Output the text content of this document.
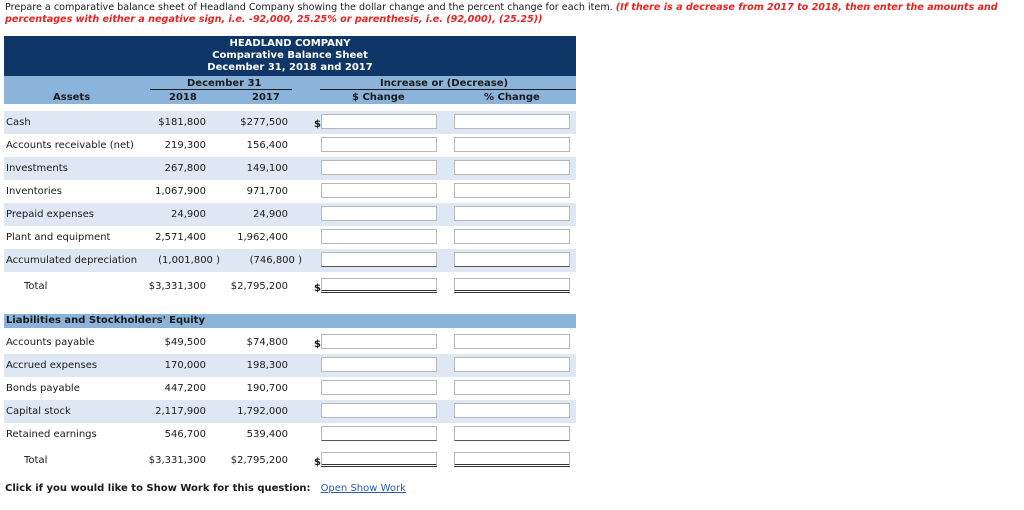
Prepare a comparative balance sheet of Headland Company showing the dollar change and the percent change for each item. (If there is a decrease from 2017 to 2018, then enter the amounts and percentages with either a negative sign, i.e. -92,000, 25.25% or parenthesis, i.e. (92,000), (25.25))
HEADLAND COMPANY
Comparative Balance Sheet
December 31, 2018 and 2017
December 31	Increase or (Decrease)
Assets	2018	2017	$ Change	% Change
Cash	$181,800	$277,500	$
Accounts receivable (net)	219,300	156,400
Investments	267,800	149,100
Inventories	1,067,900	971,700
Prepaid expenses	24,900	24,900
Plant and equipment	2,571,400	1,962,400
Accumulated depreciation (1,001,800 )	(746,800 )
Total	$3,331,300 $2,795,200	$
Liabilities and Stockholders' Equity
Accounts payable	$49,500	$74,800	$
Accrued expenses	170,000	198,300
Bonds payable	447,200	190,700
Capital stock	2,117,900	1,792,000
Retained earnings	546,700	539,400
Total	$3,331,300 $2,795,200	$
Click if you would like to Show Work for this question: Open Show Work
